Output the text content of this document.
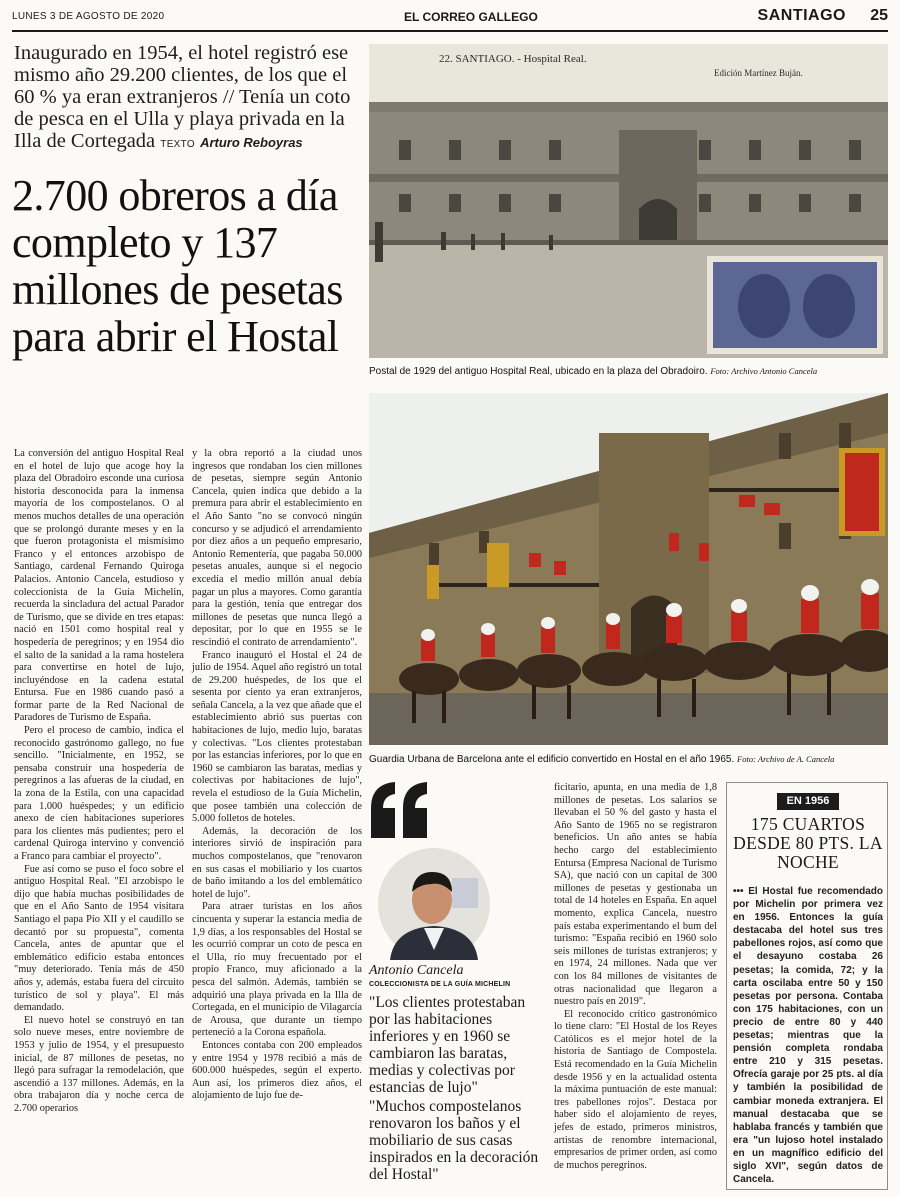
LUNES 3 DE AGOSTO DE 2020	EL CORREO GALLEGO	SANTIAGO 25
Inaugurado en 1954, el hotel registró ese mismo año 29.200 clientes, de los que el 60 % ya eran extranjeros // Tenía un coto de pesca en el Ulla y playa privada en la Illa de Cortegada TEXTO Arturo Reboyras
2.700 obreros a día completo y 137 millones de pesetas para abrir el Hostal
22. SANTIAGO. - Hospital Real.
Edición Martínez Buján.
Postal de 1929 del antiguo Hospital Real, ubicado en la plaza del Obradoiro. Foto: Archivo Antonio Cancela
Guardia Urbana de Barcelona ante el edificio convertido en Hostal en el año 1965. Foto: Archivo de A. Cancela

La conversión del antiguo Hospital Real en el hotel de lujo que acoge hoy la plaza del Obradoiro esconde una curiosa historia desconocida para la inmensa mayoría de los compostelanos. O al menos muchos detalles de una operación que se prolongó durante meses y en la que fueron protagonista el mismísimo Franco y el entonces arzobispo de Santiago, cardenal Fernando Quiroga Palacios. Antonio Cancela, estudioso y coleccionista de la Guía Michelin, recuerda la sincladura del actual Parador de Turismo, que se divide en tres etapas: nació en 1501 como hospital real y hospedería de peregrinos; y en 1954 dio el salto de la sanidad a la rama hostelera para convertirse en hotel de lujo, incluyéndose en la cadena estatal Entursa. Fue en 1986 cuando pasó a formar parte de la Red Nacional de Paradores de Turismo de España.

Pero el proceso de cambio, indica el reconocido gastrónomo gallego, no fue sencillo. "Inicialmente, en 1952, se pensaba construir una hospedería de peregrinos a las afueras de la ciudad, en la zona de la Estila, con una capacidad para 1.000 huéspedes; y un edificio anexo de cien habitaciones superiores para los clientes más pudientes; pero el cardenal Quiroga intervino y convenció a Franco para cambiar el proyecto".

Fue así como se puso el foco sobre el antiguo Hospital Real. "El arzobispo le dijo que había muchas posibilidades de que en el Año Santo de 1954 visitara Santiago el papa Pío XII y el caudillo se decantó por su propuesta", comenta Cancela, antes de apuntar que el emblemático edificio estaba entonces "muy deteriorado. Tenía más de 450 años y, además, estaba fuera del circuito turístico de sol y playa". El más demandado.

El nuevo hotel se construyó en tan solo nueve meses, entre noviembre de 1953 y julio de 1954, y el presupuesto inicial, de 87 millones de pesetas, no llegó para sufragar la remodelación, que ascendió a 137 millones. Además, en la obra trabajaron día y noche cerca de 2.700 operarios

y la obra reportó a la ciudad unos ingresos que rondaban los cien millones de pesetas, siempre según Antonio Cancela, quien indica que debido a la premura para abrir el establecimiento en el Año Santo "no se convocó ningún concurso y se adjudicó el arrendamiento por diez años a un pequeño empresario, Antonio Rementería, que pagaba 50.000 pesetas anuales, aunque si el negocio excedía el medio millón anual debía pagar un plus a mayores. Como garantía para la gestión, tenía que entregar dos millones de pesetas que nunca llegó a depositar, por lo que en 1955 se le rescindió el contrato de arrendamiento".

Franco inauguró el Hostal el 24 de julio de 1954. Aquel año registró un total de 29.200 huéspedes, de los que el sesenta por ciento ya eran extranjeros, señala Cancela, a la vez que añade que el establecimiento abrió sus puertas con habitaciones de lujo, medio lujo, baratas y colectivas. "Los clientes protestaban por las estancias inferiores, por lo que en 1960 se cambiaron las baratas, medias y colectivas por habitaciones de lujo", revela el estudioso de la Guía Michelin, que posee también una colección de 5.000 folletos de hoteles.

Además, la decoración de los interiores sirvió de inspiración para muchos compostelanos, que "renovaron en sus casas el mobiliario y los cuartos de baño imitando a los del emblemático hotel de lujo".

Para atraer turistas en los años cincuenta y superar la estancia media de 1,9 días, a los responsables del Hostal se les ocurrió comprar un coto de pesca en el Ulla, río muy frecuentado por el propio Franco, muy aficionado a la pesca del salmón. Además, también se adquirió una playa privada en la Illa de Cortegada, en el municipio de Vilagarcía de Arousa, que durante un tiempo perteneció a la Corona española.

Entonces contaba con 200 empleados y entre 1954 y 1978 recibió a más de 600.000 huéspedes, según el experto. Aun así, los primeros diez años, el alojamiento de lujo fue de-

ficitario, apunta, en una media de 1,8 millones de pesetas. Los salarios se llevaban el 50 % del gasto y hasta el Año Santo de 1965 no se registraron beneficios. Un año antes se había hecho cargo del establecimiento Entursa (Empresa Nacional de Turismo SA), que nació con un capital de 300 millones de pesetas y gestionaba un total de 14 hoteles en España. En aquel momento, explica Cancela, nuestro país estaba experimentando el bum del turismo: "España recibió en 1960 solo seis millones de turistas extranjeros; y en 1974, 24 millones. Nada que ver con los 84 millones de visitantes de otras nacionalidad que llegaron a nuestro país en 2019".

El reconocido crítico gastronómico lo tiene claro: "El Hostal de los Reyes Católicos es el mejor hotel de la historia de Santiago de Compostela. Está recomendado en la Guía Michelin desde 1956 y en la actualidad ostenta la máxima puntuación de este manual: tres pabellones rojos". Destaca por haber sido el alojamiento de reyes, jefes de estado, primeros ministros, artistas de renombre internacional, empresarios de primer orden, así como de muchos peregrinos.

Antonio Cancela
COLECCIONISTA DE LA GUÍA MICHELIN
"Los clientes protestaban por las habitaciones inferiores y en 1960 se cambiaron las baratas, medias y colectivas por estancias de lujo"
"Muchos compostelanos renovaron los baños y el mobiliario de sus casas inspirados en la decoración del Hostal"
EN 1956
175 CUARTOS DESDE 80 PTS. LA NOCHE
••• El Hostal fue recomendado por Michelin por primera vez en 1956. Entonces la guía destacaba del hotel sus tres pabellones rojos, así como que el desayuno costaba 26 pesetas; la comida, 72; y la carta oscilaba entre 50 y 150 pesetas por persona. Contaba con 175 habitaciones, con un precio de entre 80 y 440 pesetas; mientras que la pensión completa rondaba entre 210 y 315 pesetas. Ofrecía garaje por 25 pts. al día y también la posibilidad de cambiar moneda extranjera. El manual destacaba que se hablaba francés y también que era "un lujoso hotel instalado en un magnífico edificio del siglo XVI", según datos de Cancela.
